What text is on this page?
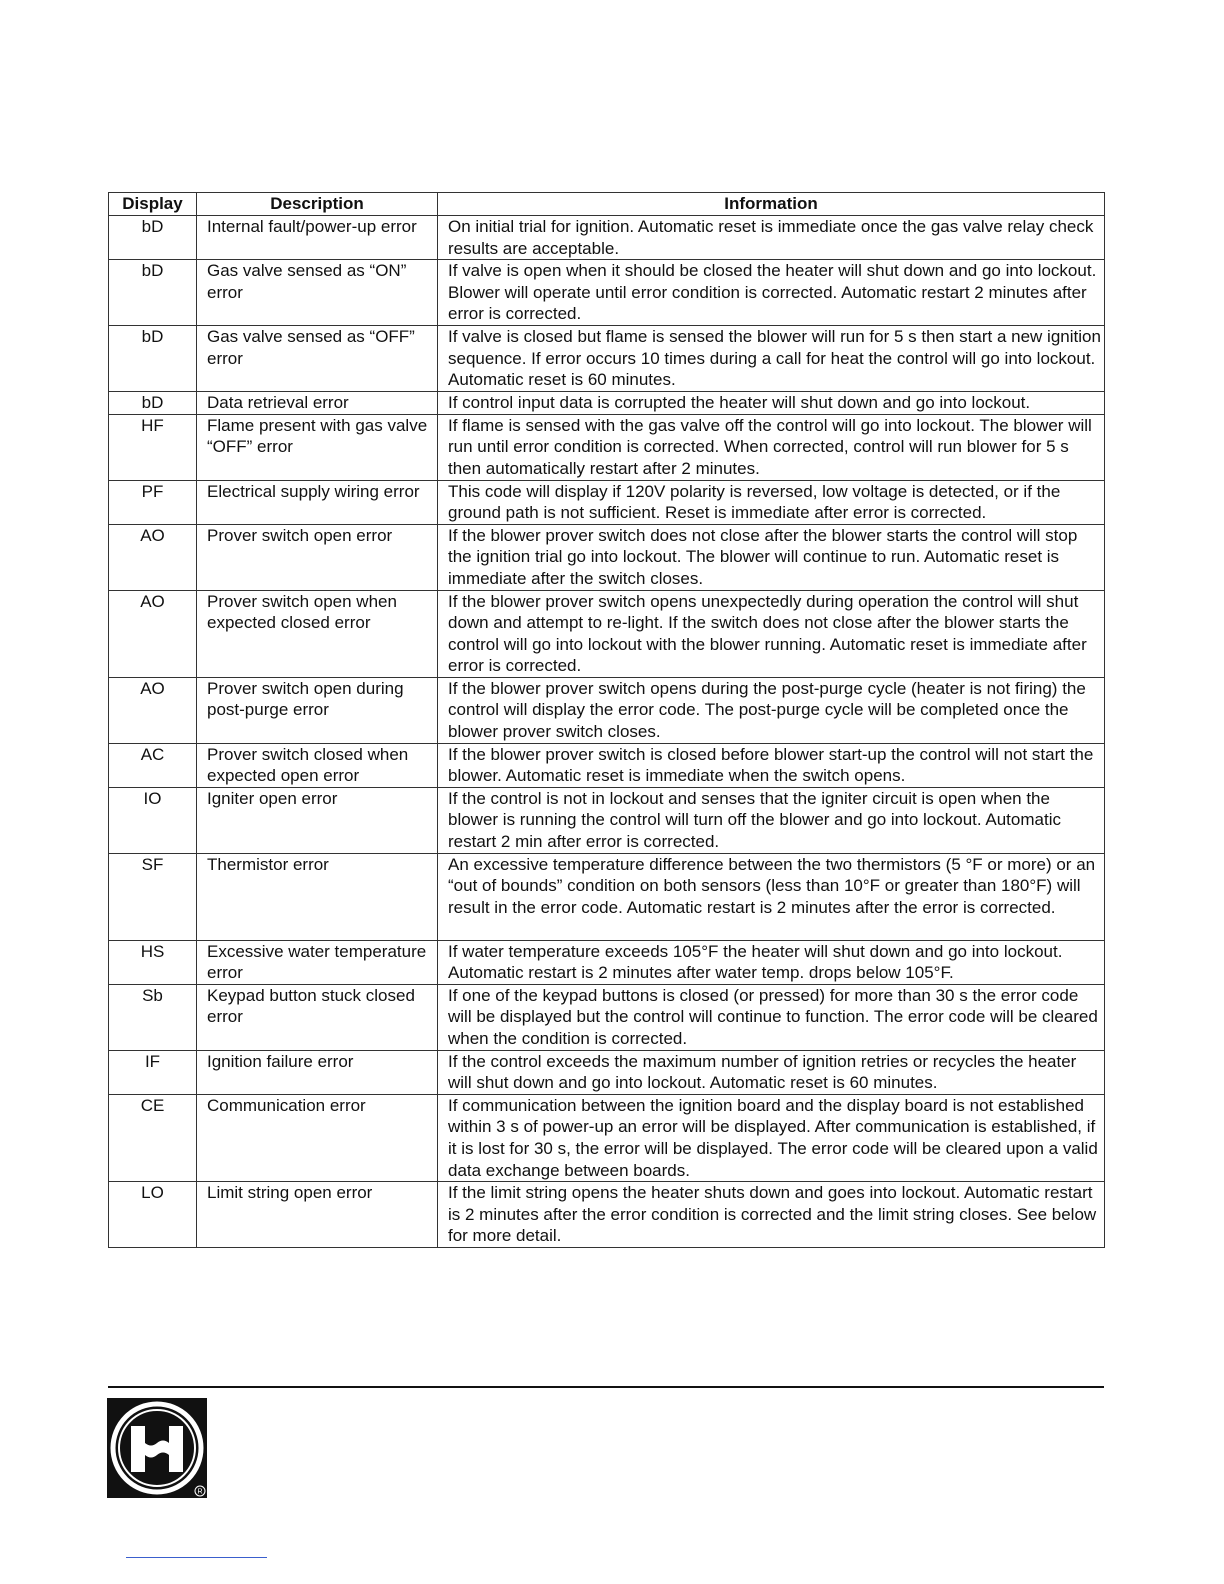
Display	Description	Information
bD	Internal fault/power-up error	On initial trial for ignition. Automatic reset is immediate once the gas valve relay check results are acceptable.
bD	Gas valve sensed as “ON” error	If valve is open when it should be closed the heater will shut down and go into lockout. Blower will operate until error condition is corrected. Automatic restart 2 minutes after error is corrected.
bD	Gas valve sensed as “OFF” error	If valve is closed but flame is sensed the blower will run for 5 s then start a new ignition sequence. If error occurs 10 times during a call for heat the control will go into lockout. Automatic reset is 60 minutes.
bD	Data retrieval error	If control input data is corrupted the heater will shut down and go into lockout.
HF	Flame present with gas valve “OFF” error	If flame is sensed with the gas valve off the control will go into lockout. The blower will run until error condition is corrected. When corrected, control will run blower for 5 s then automatically restart after 2 minutes.
PF	Electrical supply wiring error	This code will display if 120V polarity is reversed, low voltage is detected, or if the ground path is not sufficient. Reset is immediate after error is corrected.
AO	Prover switch open error	If the blower prover switch does not close after the blower starts the control will stop the ignition trial go into lockout. The blower will continue to run. Automatic reset is immediate after the switch closes.
AO	Prover switch open when expected closed error	If the blower prover switch opens unexpectedly during operation the control will shut down and attempt to re-light. If the switch does not close after the blower starts the control will go into lockout with the blower running. Automatic reset is immediate after error is corrected.
AO	Prover switch open during post-purge error	If the blower prover switch opens during the post-purge cycle (heater is not firing) the control will display the error code. The post-purge cycle will be completed once the blower prover switch closes.
AC	Prover switch closed when expected open error	If the blower prover switch is closed before blower start-up the control will not start the blower. Automatic reset is immediate when the switch opens.
IO	Igniter open error	If the control is not in lockout and senses that the igniter circuit is open when the blower is running the control will turn off the blower and go into lockout. Automatic restart 2 min after error is corrected.
SF	Thermistor error	An excessive temperature difference between the two thermistors (5 °F or more) or an “out of bounds” condition on both sensors (less than 10°F or greater than 180°F) will result in the error code. Automatic restart is 2 minutes after the error is corrected.
HS	Excessive water temperature error	If water temperature exceeds 105°F the heater will shut down and go into lockout. Automatic restart is 2 minutes after water temp. drops below 105°F.
Sb	Keypad button stuck closed error	If one of the keypad buttons is closed (or pressed) for more than 30 s the error code will be displayed but the control will continue to function. The error code will be cleared when the condition is corrected.
IF	Ignition failure error	If the control exceeds the maximum number of ignition retries or recycles the heater will shut down and go into lockout. Automatic reset is 60 minutes.
CE	Communication error	If communication between the ignition board and the display board is not established within 3 s of power-up an error will be displayed. After communication is established, if it is lost for 30 s, the error will be displayed. The error code will be cleared upon a valid data exchange between boards.
LO	Limit string open error	If the limit string opens the heater shuts down and goes into lockout. Automatic restart is 2 minutes after the error condition is corrected and the limit string closes. See below for more detail.
R
